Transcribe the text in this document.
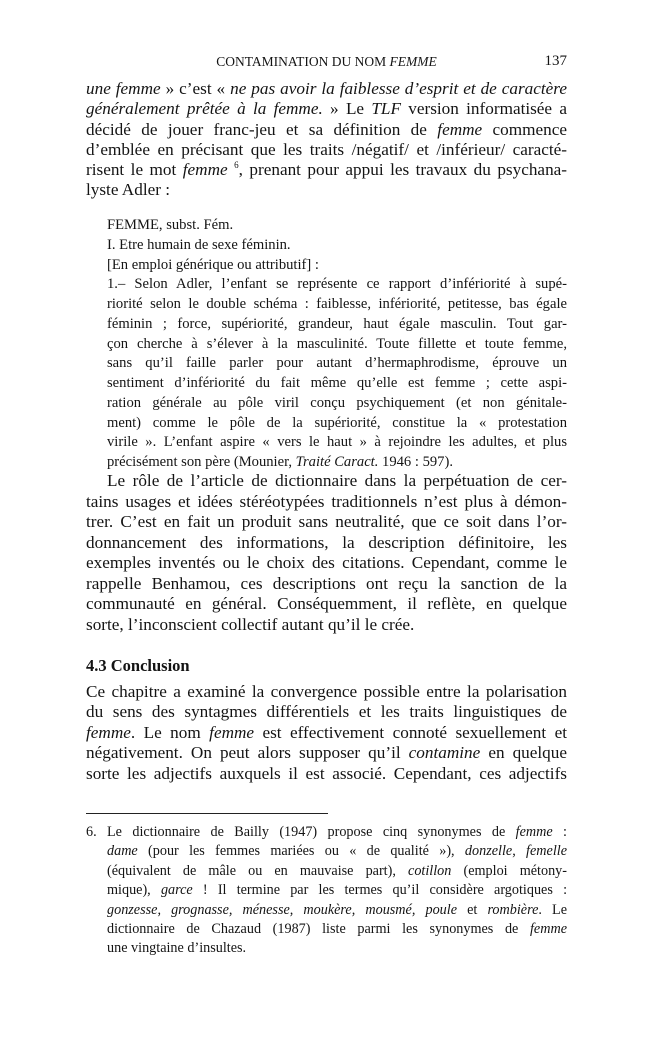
CONTAMINATION DU NOM FEMME	137
une femme » c’est « ne pas avoir la faiblesse d’esprit et de caractère
généralement prêtée à la femme. » Le TLF version informatisée a
décidé de jouer franc-jeu et sa définition de femme commence
d’emblée en précisant que les traits /négatif/ et /inférieur/ caracté-
risent le mot femme $^6$, prenant pour appui les travaux du psychana-
lyste Adler :
FEMME, subst. Fém.
I. Etre humain de sexe féminin.
[En emploi générique ou attributif] :
1.– Selon Adler, l’enfant se représente ce rapport d’infériorité à supé-
riorité selon le double schéma : faiblesse, infériorité, petitesse, bas égale
féminin ; force, supériorité, grandeur, haut égale masculin. Tout gar-
çon cherche à s’élever à la masculinité. Toute fillette et toute femme,
sans qu’il faille parler pour autant d’hermaphrodisme, éprouve un
sentiment d’infériorité du fait même qu’elle est femme ; cette aspi-
ration générale au pôle viril conçu psychiquement (et non génitale-
ment) comme le pôle de la supériorité, constitue la « protestation
virile ». L’enfant aspire « vers le haut » à rejoindre les adultes, et plus
précisément son père (Mounier, Traité Caract. 1946 : 597).
Le rôle de l’article de dictionnaire dans la perpétuation de cer-
tains usages et idées stéréotypées traditionnels n’est plus à démon-
trer. C’est en fait un produit sans neutralité, que ce soit dans l’or-
donnancement des informations, la description définitoire, les
exemples inventés ou le choix des citations. Cependant, comme le
rappelle Benhamou, ces descriptions ont reçu la sanction de la
communauté en général. Conséquemment, il reflète, en quelque
sorte, l’inconscient collectif autant qu’il le crée.
4.3 Conclusion
Ce chapitre a examiné la convergence possible entre la polarisation
du sens des syntagmes différentiels et les traits linguistiques de
femme. Le nom femme est effectivement connoté sexuellement et
négativement. On peut alors supposer qu’il contamine en quelque
sorte les adjectifs auxquels il est associé. Cependant, ces adjectifs
6. Le dictionnaire de Bailly (1947) propose cinq synonymes de femme :
dame (pour les femmes mariées ou « de qualité »), donzelle, femelle
(équivalent de mâle ou en mauvaise part), cotillon (emploi métony-
mique), garce ! Il termine par les termes qu’il considère argotiques :
gonzesse, grognasse, ménesse, moukère, mousmé, poule et rombière. Le
dictionnaire de Chazaud (1987) liste parmi les synonymes de femme
une vingtaine d’insultes.
